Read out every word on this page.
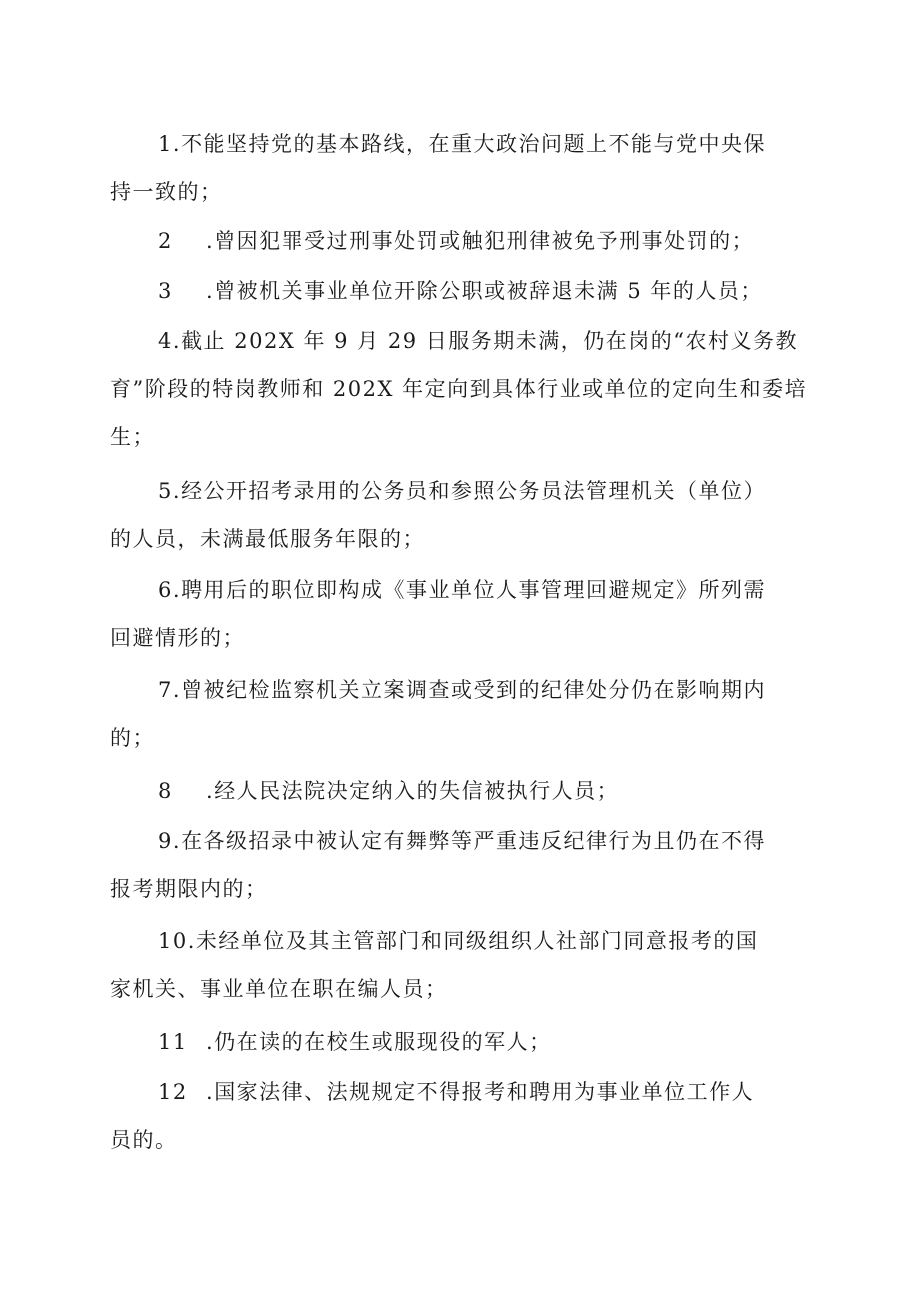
1.不能坚持党的基本路线，在重大政治问题上不能与党中央保
持一致的；
2 .曾因犯罪受过刑事处罚或触犯刑律被免予刑事处罚的；
3 .曾被机关事业单位开除公职或被辞退未满 5 年的人员；
4.截止 202X 年 9 月 29 日服务期未满，仍在岗的“农村义务教
育”阶段的特岗教师和 202X 年定向到具体行业或单位的定向生和委培
生；
5.经公开招考录用的公务员和参照公务员法管理机关（单位）
的人员，未满最低服务年限的；
6.聘用后的职位即构成《事业单位人事管理回避规定》所列需
回避情形的；
7.曾被纪检监察机关立案调查或受到的纪律处分仍在影响期内
的；
8 .经人民法院决定纳入的失信被执行人员；
9.在各级招录中被认定有舞弊等严重违反纪律行为且仍在不得
报考期限内的；
10.未经单位及其主管部门和同级组织人社部门同意报考的国
家机关、事业单位在职在编人员；
11 .仍在读的在校生或服现役的军人；
12 .国家法律、法规规定不得报考和聘用为事业单位工作人
员的。
